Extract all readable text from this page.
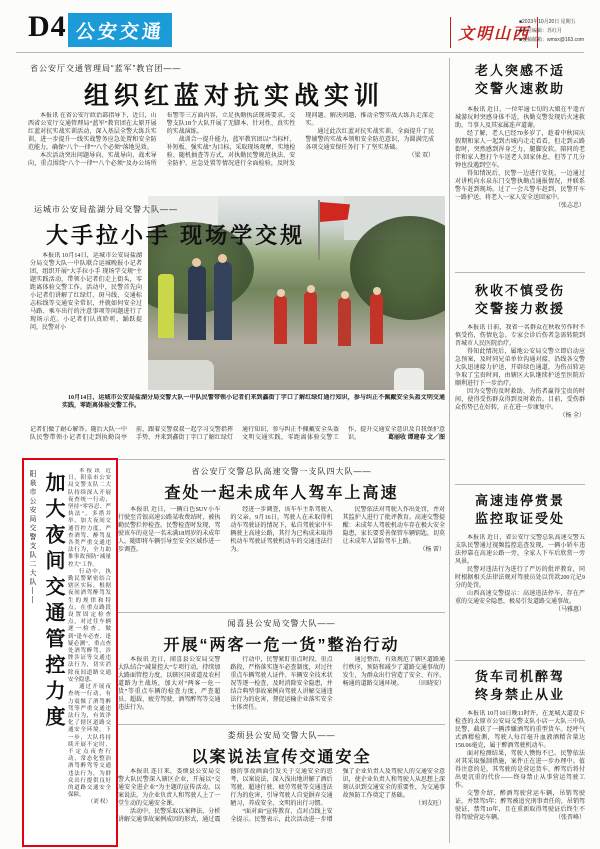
D4 公安交通	文明山西
■2023年10月20日 星期五
■责任编辑：苏红月
■投稿邮箱：wmsx@163.com
省公安厅交通管理局“蓝军”教官团——
组织红蓝对抗实战实训

本报讯 在省公安厅政治部指导下，近日，山西省公安厅交通管理局“蓝军”教官团在太原开展红蓝对抗实战实训活动，深入基层全警大练兵实训，进一步提升一线实战警务应急处置和安全防范能力，确保“八个一律”“八个必须”落地见效。

本次活动突出问题导向、实战导向、战术导向，重点围绕“八个一律”“八个必须”及办公场所布警等三方面内容，立足执勤执法现场要求，交警支队18个大队开展了无脚本、针对性、真实性的实战演练。

战训合一提升能力，蓝军教官团以“当标杆、补短板、强实战”为目标，采取现场观摩、实地检验、随机抽查等方式，对执勤民警规范执法、安全防护、应急处置等情况进行全面检验，及时发现问题、解决问题，推动全警实战大练兵走深走实。

通过此次红蓝对抗实战实训，全面提升了民警辅警的实战本领和安全防范意识，为圆满完成各项交通安保任务打下了坚实基础。
（梁 双）

运城市公安局盐湖分局交警大队——
大手拉小手 现场学交规

本报讯 10月14日，运城市公安局盐湖分局交警大队一中队联合运城晚报小记者团，组织开展“大手拉小手 现场学交规”主题实践活动，带领小记者们走上街头，零距离体验交警工作。活动中，民警首先向小记者们讲解了红绿灯、斑马线、交通标志标线等交通安全常识，并就如何安全过马路、乘车出行的注意事项等问题进行了现场示范。小记者们认真聆听、踊跃提问，民警对小

10月14日，运城市公安局盐湖分局交警大队一中队民警带领小记者们来到鑫街丁字口了解红绿灯通行知识，参与纠正不佩戴安全头盔文明交通实践，零距离体验交警工作。

记者们做了耐心解答。随后大队一中队民警带领小记者们走到执勤岗亭前，跟着交警叔叔一起学习交警指挥手势，并来到鑫街丁字口了解红绿灯通行知识，参与纠正不佩戴安全头盔文明交通实践，零距离体验交警工作，提升交通安全意识及自我保护意识。	葛丽收 谭建春 文／图

阳泉市公安局交警支队二大队—— 加大夜间交通管控力度

本报讯 近日，阳泉市公安局交警支队二大队持续深入开展夜查统一行动，坚持“零容忍、严执法”，多措并举，加大夜间交通管控力度，严查酒驾、醉驾及各类严重交通违法行为，全力助推事故预防“减量控大”工作。

行动中，执勤民警紧密结合辖区实际，根据夜间酒驾醉驾发生的规律和特点，在重点路段设置固定检查点，对过往车辆逐一检查，做到“逢车必查、逢疑必测”，重点查处酒驾醉驾、涉牌涉证等交通违法行为，切实消除夜间道路交通安全隐患。

通过开展夜查统一行动，有力震慑了酒驾醉驾等严重交通违法行为，有效净化了辖区道路交通安全环境。下一步，大队将持续开展不定时、不定点夜查行动，常态化整治酒驾醉驾等交通违法行为，为群众出行提供良好的道路交通安全保障。
（刘 权）

省公安厅交警总队高速交警一支队四大队——
查处一起未成年人驾车上高速

本报讯 近日，一辆白色SUV小车行驶至青银高速公路某收费站时，被执勤民警拦停检查。民警检查时发现，驾驶该车的竟是一名未满18周岁的未成年人，随即将车辆引导至安全区域作进一步调查。

经进一步调查，该车车主系驾驶人的父亲。9月16日，驾驶人在未取得机动车驾驶证的情况下，私自驾驶家中车辆驶上高速公路，其行为已构成未取得机动车驾驶证驾驶机动车的交通违法行为。

民警依法对驾驶人作出处罚，并对其监护人进行了批评教育。高速交警提醒：未成年人驾驶机动车存在极大安全隐患，家长要妥善保管车辆钥匙，切莫让未成年人冒险驾车上路。
（杨 雷）

闻喜县公安局交警大队——
开展“两客一危一货”整治行动

本报讯 近日，闻喜县公安局交警大队结合“减量控大”专项行动，持续加大路面管控力度，以辖区国省道及农村道路为主战场，加大对“两客一危一货”等重点车辆的检查力度，严查超员、超载、疲劳驾驶、酒驾醉驾等交通违法行为。

行动中，民警紧盯重点时段、重点路段，严格落实逢车必查制度，对过往重点车辆驾驶人证件、车辆安全技术状况等逐一检查，及时消除安全隐患，并结合典型事故案例向驾驶人讲解交通违法行为的危害，督促运输企业落实安全主体责任。

通过整治，有效规范了辖区道路通行秩序，预防和减少了道路交通事故的发生，为群众出行营造了安全、有序、畅通的道路交通环境。	（田晓安）

娄烦县公安局交警大队——
以案说法宣传交通安全

本报讯 连日来，娄烦县公安局交警大队民警深入辖区企业，开展以“交通安全进企业”为主题的宣传活动，以案说法，为企业负责人和驾驶人上了一堂生动的交通安全课。

活动中，民警采取以案释法、分析讲解交通事故案例成因的形式，通过震撼的事故画面引发关于交通安全的思考，以案说法，深入浅出地讲解了酒后驾驶、超速行驶、疲劳驾驶等交通违法行为的危害，引导驾驶人自觉摒弃交通陋习，养成安全、文明的出行习惯。

“面对面”宣传教育，点对点线上安全提示。民警表示，此次活动进一步增强了企业负责人及驾驶人的交通安全意识，使企业负责人和驾驶人从思想上深刻认识到交通安全的重要性，为交通事故预防工作奠定了基础。
（刘友旺）

老人突感不适
交警火速救助

本报讯 近日，一位年逾七旬的大娘在平遥古城游玩时突感身体不适，执勤交警发现后火速救助，当事人及其家属连声道谢。

经了解，老人已经70多岁了，趁着中秋国庆假期和家人一起到古城内走走看看，但走到云路街时，突然感到浑身乏力，腿脚发软。陪同的老伴和家人想打个车送老人回家休息，但等了几分钟也没遇到空车。

得知情况后，民警一边进行安抚，一边通过对讲机向水泉东门交警执勤点通报情况，并联系警车赶到现场。过了一会儿警车赶到，民警开车一路护送，将老人一家人安全送回家中。
（张志忠）

秋收不慎受伤
交警接力救援

本报讯 日前，我省一名群众在秋收劳作时不慎受伤，伤情危急。专家会诊后伤者急需转院到晋城市人民医院治疗。

得知此情况后，属地公安局交警立即启动应急预案，及时同兄弟单位沟通对接，沿线各交警大队迅速接力护送，开辟绿色通道，为伤员转运争取了宝贵时间，由辖区大队继续护送至医院后顺利进行下一步治疗。

因为交警的及时救助，为伤者赢得宝贵的时间，使得受伤群众得到及时救治。目前，受伤群众伤势已在好转，正在进一步康复中。
（杨 全）

高速违停赏景
监控取证受处

本报讯 近日，省公安厅交警总队高速交警五支队民警通过视频监控巡查发现，一辆小轿车违法停靠在高速公路一旁，全家人下车后欣赏一旁风景。

民警对违法行为进行了严厉的批评教育，同时根据相关法律法规对驾驶员处以罚款200元记9分的处罚。

山西高速交警提示：高速违法停车，存在严重的交通安全隐患，极易引发道路交通事故。
（马雅惠）

货车司机醉驾
终身禁止从业

本报讯 10月10日晚11时许，在龙城大道设卡检查的太原市公安局交警支队小店一大队三中队民警，截获了一辆涉嫌酒驾的重型货车。经呼气式酒精检测，驾驶人每百毫升血液酒精含量达158.06毫克，属于醉酒驾驶机动车。

面对检测结果，驾驶人懊悔不已。民警依法对其采取强制措施，案件正在进一步办理中。值得注意的是，其驾驶的是营运货车，醉驾后将付出更沉重的代价——终身禁止从事营运驾驶工作。

交警介绍，醉酒驾驶营运车辆，吊销驾驶证，并禁驾5年；醉驾被追究刑事责任的，吊销驾驶证，禁驾10年，且在重新取得驾驶证后终生不得驾驶营运车辆。	（张晋峰）
